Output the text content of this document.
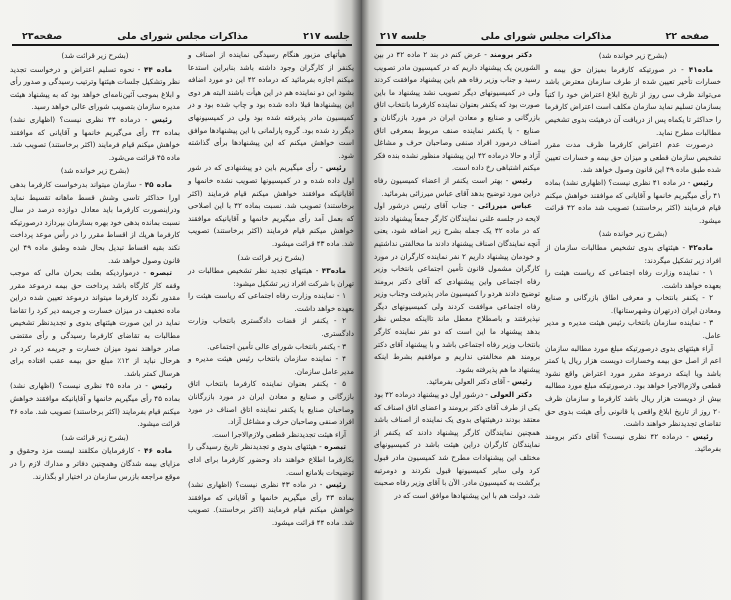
جلسه ۲۱۷
مذاکرات مجلس شورای ملی
صفحه۲۳

هیأتهای مزبور هنگام رسیدگی نماینده از اصناف و یکنفر از کارگران وجود داشته باشد بنابراین استدعا میکنم اجازه بفرمائید که درماده ۴۲ این دو مورد اضافه بشود این دو نماینده هم در این هیأت باشند البته هر دوی این پیشنهادها قبلا داده شده بود و چاپ شده بود و در کمیسیون مادر پذیرفته شده بود ولی در کمیسیونهای دیگر رد شده بود. گروه پارلمانی با این پیشنهادها موافق است خواهش میکنم که این پیشنهادها برأی گذاشته شود.

رئیس - رأی میگیریم باین دو پیشنهادی که در شور اول داده شده و در کمیسیونها تصویب نشده خانمها و آقایانیکه موافقند خواهش میکنم قیام فرمایند (اکثر برخاستند) تصویب شد. نسبت بماده ۴۲ با این اصلاحی که بعمل آمد رأی میگیریم خانمها و آقایانیکه موافقند خواهش میکنم قیام فرمایند (اکثر برخاستند) تصویب شد. ماده ۴۳ قرائت میشود.

(بشرح زیر قرائت شد)

ماده۴۳ - هیئتهای تجدید نظر تشخیص مطالبات در تهران با شرکت افراد زیر تشکیل میشود:

۱ - نماینده وزارت رفاه اجتماعی که ریاست هیئت را بعهده خواهد داشت.

۲ - یکنفر از قضات دادگستری بانتخاب وزارت دادگستری.

۳ - یکنفر بانتخاب شورای عالی تأمین اجتماعی.

۴ - نماینده سازمان بانتخاب رئیس هیئت مدیره و مدیر عامل سازمان.

۵ - یکنفر بعنوان نماینده کارفرما بانتخاب اتاق بازرگانی و صنایع و معادن ایران در مورد بازرگانان وصاحبان صنایع یا یکنفر نماینده اتاق اصناف در مورد افراد صنفی وصاحبان حرف و مشاغل آزاد.

آراء هیئت تجدیدنظر قطعی ولازم‌الاجرا است.

تبصره - هیئتهای بدوی و تجدیدنظر تاریخ رسیدگی را بکارفرما اطلاع خواهند داد وحضور کارفرما برای ادای توضیحات بلامانع است.

رئیس - در ماده ۴۳ نظری نیست؟ (اظهاری نشد) بماده ۴۳ رأی میگیریم خانمها و آقایانی که موافقند خواهش میکنم قیام فرمایند (اکثر برخاستند). تصویب شد. ماده ۴۴ قرائت میشود.

(بشرح زیر قرائت شد)

ماده ۴۴ - نحوه تسلیم اعتراض و درخواست تجدید نظر وتشکیل جلسات هیئتها وترتیب رسیدگی و صدور رأی و ابلاغ بموجب آئین‌نامه‌ای خواهد بود که به پیشنهاد هیئت مدیره سازمان بتصویب شورای عالی خواهد رسید.

رئیس - درماده ۴۴ نظری نیست؟ (اظهاری نشد) بماده ۴۴ رأی می‌گیریم خانمها و آقایانی که موافقند خواهش میکنم قیام فرمایند (اکثر برخاستند) تصویب شد. ماده ۴۵ قرائت می‌شود.

(بشرح زیر خوانده شد)

ماده ۴۵ - سازمان میتواند بدرخواست کارفرما بدهی اورا حداکثر تاسی وشش قسط ماهانه تقسیط نماید ودراینصورت کارفرما باید معادل دوازده درصد در سال نسبت بمانده بدهی خود بهره بسازمان بپردازد درصورتیکه کارفرما هریك از اقساط مقرر را در رأس موعد پرداخت نکند بقیه اقساط تبدیل بحال شده وطبق ماده ۴۹ این قانون وصول خواهد شد.

تبصره - درمواردیکه بعلت بحران مالی که موجب وقفه کار کارگاه باشد پرداخت حق بیمه درموعد مقرر مقدور نگردد کارفرما میتواند درموعد تعیین شده دراین ماده تخفیف در میزان خسارت و جریمه دیر کرد را تقاضا نماید در این صورت هیئتهای بدوی و تجدیدنظر تشخیص مطالبات به تقاضای کارفرما رسیدگی و رأی مقتضی صادر خواهند نمود میزان خسارت و جریمه دیر کرد در هرحال نباید از ۱۲٪ مبلغ حق بیمه عقب افتاده برای هرسال کمتر باشد.

رئیس - در ماده ۴۵ نظری نیست؟ (اظهاری نشد) بماده ۴۵ رأی میگیریم خانمها و آقایانیکه موافقند خواهش میکنم قیام بفرمایند (اکثر برخاستند) تصویب شد. ماده ۴۶ قرائت میشود.

(بشرح زیر قرائت شد)

ماده ۴۶ - کارفرمایان مکلفند لیست مزد وحقوق و مزایای بیمه شدگان وهمچنین دفاتر و مدارك لازم را در موقع مراجعه بازرس سازمان در اختیار او بگذارند.

صفحه ۲۲
مذاکرات مجلس شورای ملی
جلسه ۲۱۷

(بشرح زیر خوانده شد)

ماده۴۱ - در صورتیکه کارفرما بمیزان حق بیمه و خسارات تأخیر تعیین شده از طرف سازمان معترض باشد می‌تواند ظرف سی روز از تاریخ ابلاغ اعتراض خود را کتباً بسازمان تسلیم نماید سازمان مکلف است اعتراض کارفرما را حداکثر تا یکماه پس از دریافت آن درهیئت بدوی تشخیص مطالبات مطرح نماید.

درصورت عدم اعتراض کارفرما ظرف مدت مقرر تشخیص سازمان قطعی و میزان حق بیمه و خسارات تعیین شده طبق ماده ۴۹ این قانون وصول خواهد شد.

رئیس - در ماده ۴۱ نظری نیست؟ (اظهاری نشد) بماده ۴۱ رأی میگیریم خانمها و آقایانی که موافقند خواهش میکنم قیام فرمایند (اکثر برخاستند) تصویب شد ماده ۴۲ قرائت میشود.

(بشرح زیر خوانده شد)

ماده۴۲ - هیئتهای بدوی تشخیص مطالبات سازمان از افراد زیر تشکیل میگردند:

۱ - نماینده وزارت رفاه اجتماعی که ریاست هیئت را بعهده خواهد داشت.

۲ - یکنفر بانتخاب و معرفی اطاق بازرگانی و صنایع ومعادن ایران (درتهران وشهرستانها).

۳ - نماینده سازمان بانتخاب رئیس هیئت مدیره و مدیر عامل.

آراء هیئتهای بدوی درصورتیکه مبلغ مورد مطالبه سازمان اعم از اصل حق بیمه وخسارات دویست هزار ریال یا کمتر باشد ویا اینکه درموعد مقرر مورد اعتراض واقع نشود قطعی ولازم‌الاجرا خواهد بود. درصورتیکه مبلغ مورد مطالبه بیش از دویست هزار ریال باشد کارفرما و سازمان ظرف ۲۰ روز از تاریخ ابلاغ واقعی یا قانونی رأی هیئت بدوی حق تقاضای تجدیدنظر خواهند داشت.

رئیس - درماده ۴۲ نظری نیست؟ آقای دکتر برومند بفرمائید.

دکتر برومند - عرض کنم در بند ۲ ماده ۴۲ در بین الشورین یک پیشنهاد داریم که در کمیسیون مادر تصویب رسید و جناب وزیر رفاه هم باین پیشنهاد موافقت کردند ولی در کمیسیونهای دیگر تصویب نشد پیشنهاد ما باین صورت بود که یکنفر بعنوان نماینده کارفرما بانتخاب اتاق بازرگانی و صنایع و معادن ایران در مورد بازرگانان و صنایع - یا یکنفر نماینده صنف مربوط بمعرفی اتاق اصناف درمورد افراد صنفی وصاحبان حرف و مشاغل آزاد و حالا درماده ۴۲ این پیشنهاد منظور نشده بنده فکر میکنم اشتباهی رخ داده است.

رئیس - بهتر است یکنفر از اعضاء کمیسیون رفاه دراین مورد توضیح بدهد آقای عباس میرزائی بفرمائید.

عباس میرزائی - جناب آقای رئیس درشور اول لایحه در جلسه علنی نمایندگان کارگر جمعاً پیشنهاد دادند که در ماده ۴۲ یک جمله بشرح زیر اضافه شود، یعنی آنچه نمایندگان اصناف پیشنهاد دادند ما مخالفتی نداشتیم و خودمان پیشنهاد داریم ۲ نفر نماینده کارگران در مورد کارگران مشمول قانون تأمین اجتماعی بانتخاب وزیر رفاه اجتماعی واین پیشنهادی که آقای دکتر برومند توضیح دادند هردو را کمیسیون مادر پذیرفت وجناب وزیر رفاه اجتماعی موافقت کردند ولی کمیسیونهای دیگر نپذیرفتند و باصطلاح معطل ماند تااینکه مجلس نظر بدهد پیشنهاد ما این است که دو نفر نماینده کارگر بانتخاب وزیر رفاه اجتماعی باشد و با پیشنهاد آقای دکتر برومند هم مخالفتی نداریم و موافقیم بشرط اینکه پیشنهاد ما هم پذیرفته بشود.

رئیس - آقای دکتر العولی بفرمائید.

دکتر العولی - درشور اول دو پیشنهاد درماده ۴۲ بود یکی از طرف آقای دکتر برومند و اعضای اتاق اصناف که معتقد بودند درهیئتهای بدوی یک نماینده از اصناف باشد همچنین نمایندگان کارگر پیشنهاد دادند که یکنفر از نمایندگان کارگران دراین هیئت باشد در کمیسیونهای مختلف این پیشنهادات مطرح شد کمیسیون مادر قبول کرد ولی سایر کمیسیونها قبول نکردند و دومرتبه برگشت به کمیسیون مادر. الآن با آقای وزیر رفاه صحبت شد، دولت هم با این پیشنهادها موافق است که در
